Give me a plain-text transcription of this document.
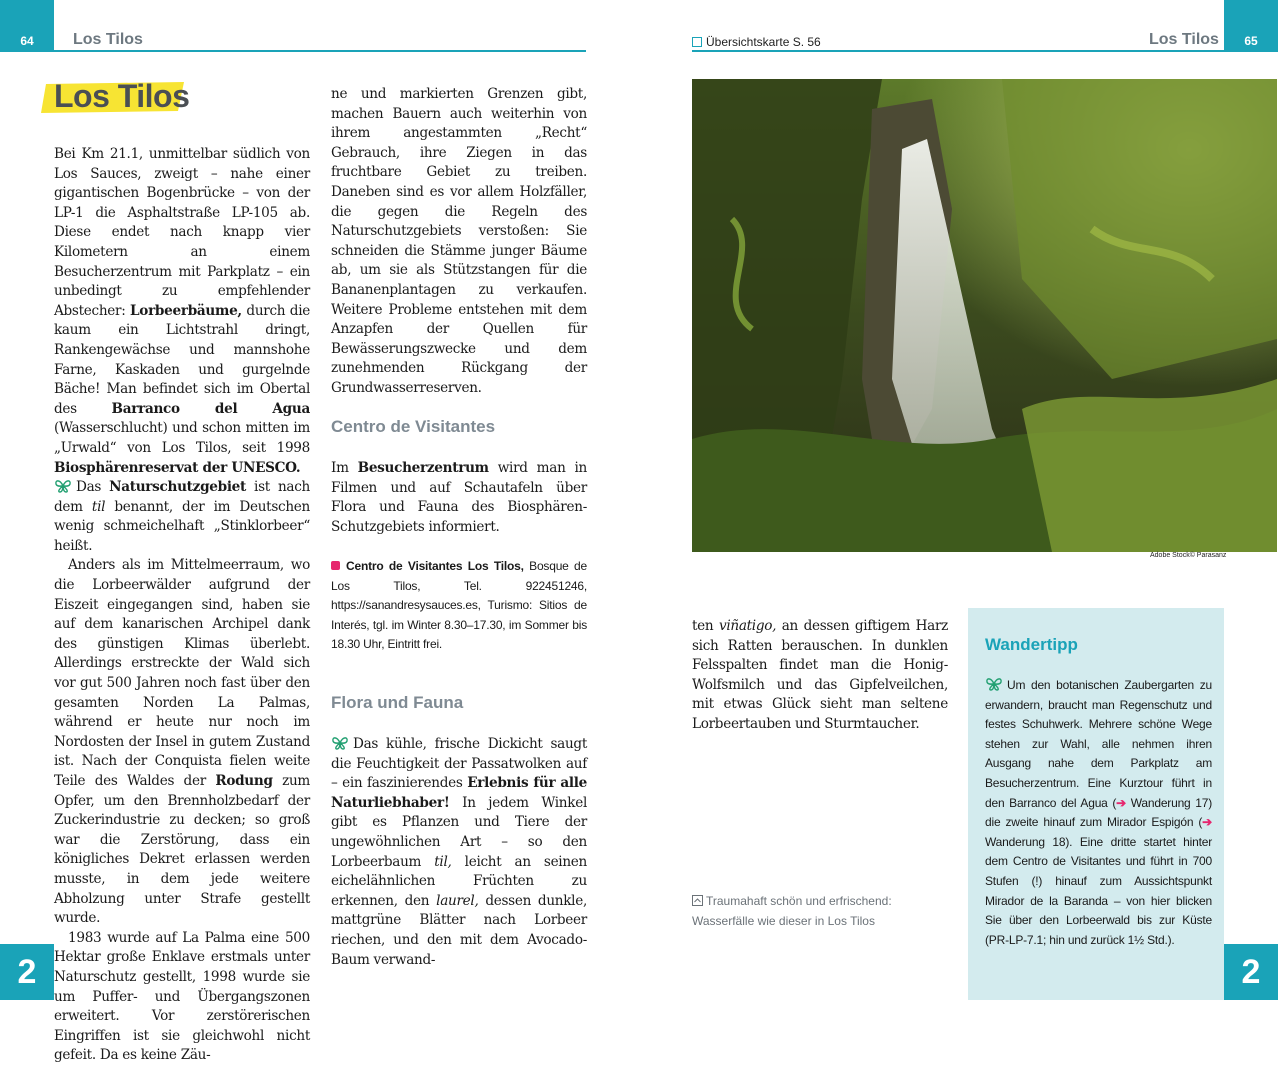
64 Los Tilos
Los Tilos

Bei Km 21.1, unmittelbar südlich von Los Sauces, zweigt – nahe einer gigantischen Bogenbrücke – von der LP-1 die Asphaltstraße LP-105 ab. Diese endet nach knapp vier Kilometern an einem Besucherzentrum mit Parkplatz – ein unbedingt zu empfehlender Abstecher: Lorbeerbäume, durch die kaum ein Lichtstrahl dringt, Rankengewächse und mannshohe Farne, Kaskaden und gurgelnde Bäche! Man befindet sich im Obertal des Barranco del Agua (Wasserschlucht) und schon mitten im „Urwald“ von Los Tilos, seit 1998 Biosphärenreservat der UNESCO.

Das Naturschutzgebiet ist nach dem til benannt, der im Deutschen wenig schmeichelhaft „Stinklorbeer“ heißt.

Anders als im Mittelmeerraum, wo die Lorbeerwälder aufgrund der Eiszeit eingegangen sind, haben sie auf dem kanarischen Archipel dank des günstigen Klimas überlebt. Allerdings erstreckte der Wald sich vor gut 500 Jahren noch fast über den gesamten Norden La Palmas, während er heute nur noch im Nordosten der Insel in gutem Zustand ist. Nach der Conquista fielen weite Teile des Waldes der Rodung zum Opfer, um den Brennholzbedarf der Zuckerindustrie zu decken; so groß war die Zerstörung, dass ein königliches Dekret erlassen werden musste, in dem jede weitere Abholzung unter Strafe gestellt wurde.

1983 wurde auf La Palma eine 500 Hektar große Enklave erstmals unter Naturschutz gestellt, 1998 wurde sie um Puffer- und Übergangszonen erweitert. Vor zerstörerischen Eingriffen ist sie gleichwohl nicht gefeit. Da es keine Zäu-

ne und markierten Grenzen gibt, machen Bauern auch weiterhin von ihrem angestammten „Recht“ Gebrauch, ihre Ziegen in das fruchtbare Gebiet zu treiben. Daneben sind es vor allem Holzfäller, die gegen die Regeln des Naturschutzgebiets verstoßen: Sie schneiden die Stämme junger Bäume ab, um sie als Stützstangen für die Bananenplantagen zu verkaufen. Weitere Probleme entstehen mit dem Anzapfen der Quellen für Bewässerungszwecke und dem zunehmenden Rückgang der Grundwasserreserven.

Centro de Visitantes

Im Besucherzentrum wird man in Filmen und auf Schautafeln über Flora und Fauna des Biosphären-Schutzgebiets informiert.

Centro de Visitantes Los Tilos, Bosque de Los Tilos, Tel. 922451246, https://sanandresysauces.es, Turismo: Sitios de Interés, tgl. im Winter 8.30–17.30, im Sommer bis 18.30 Uhr, Eintritt frei.
Flora und Fauna

Das kühle, frische Dickicht saugt die Feuchtigkeit der Passatwolken auf – ein faszinierendes Erlebnis für alle Naturliebhaber! In jedem Winkel gibt es Pflanzen und Tiere der ungewöhnlichen Art – so den Lorbeerbaum til, leicht an seinen eichelähnlichen Früchten zu erkennen, den laurel, dessen dunkle, mattgrüne Blätter nach Lorbeer riechen, und den mit dem Avocado-Baum verwand-

2
Übersichtskarte S. 56	Los Tilos 65
Adobe Stock© Parasanz

ten viñatigo, an dessen giftigem Harz sich Ratten berauschen. In dunklen Felsspalten findet man die Honig-Wolfsmilch und das Gipfelveilchen, mit etwas Glück sieht man seltene Lorbeertauben und Sturmtaucher.

Traumahaft schön und erfrischend: Wasserfälle wie dieser in Los Tilos
Wandertipp
Um den botanischen Zaubergarten zu erwandern, braucht man Regenschutz und festes Schuhwerk. Mehrere schöne Wege stehen zur Wahl, alle nehmen ihren Ausgang nahe dem Parkplatz am Besucherzentrum. Eine Kurztour führt in den Barranco del Agua (➔ Wanderung 17) die zweite hinauf zum Mirador Espigón (➔ Wanderung 18). Eine dritte startet hinter dem Centro de Visitantes und führt in 700 Stufen (!) hinauf zum Aussichtspunkt Mirador de la Baranda – von hier blicken Sie über den Lorbeerwald bis zur Küste (PR-LP-7.1; hin und zurück 1½ Std.).
2
